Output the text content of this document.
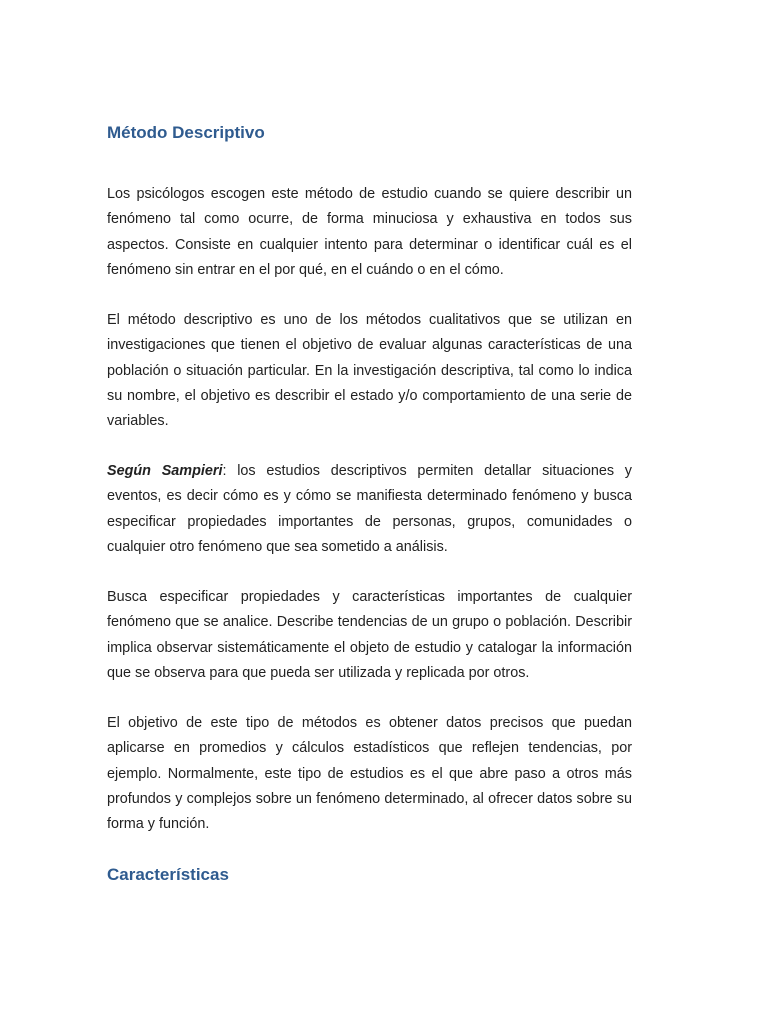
Método Descriptivo

Los psicólogos escogen este método de estudio cuando se quiere describir un fenómeno tal como ocurre, de forma minuciosa y exhaustiva en todos sus aspectos. Consiste en cualquier intento para determinar o identificar cuál es el fenómeno sin entrar en el por qué, en el cuándo o en el cómo.

El método descriptivo es uno de los métodos cualitativos que se utilizan en investigaciones que tienen el objetivo de evaluar algunas características de una población o situación particular. En la investigación descriptiva, tal como lo indica su nombre, el objetivo es describir el estado y/o comportamiento de una serie de variables.

Según Sampieri: los estudios descriptivos permiten detallar situaciones y eventos, es decir cómo es y cómo se manifiesta determinado fenómeno y busca especificar propiedades importantes de personas, grupos, comunidades o cualquier otro fenómeno que sea sometido a análisis.

Busca especificar propiedades y características importantes de cualquier fenómeno que se analice. Describe tendencias de un grupo o población. Describir implica observar sistemáticamente el objeto de estudio y catalogar la información que se observa para que pueda ser utilizada y replicada por otros.

El objetivo de este tipo de métodos es obtener datos precisos que puedan aplicarse en promedios y cálculos estadísticos que reflejen tendencias, por ejemplo. Normalmente, este tipo de estudios es el que abre paso a otros más profundos y complejos sobre un fenómeno determinado, al ofrecer datos sobre su forma y función.

Características
